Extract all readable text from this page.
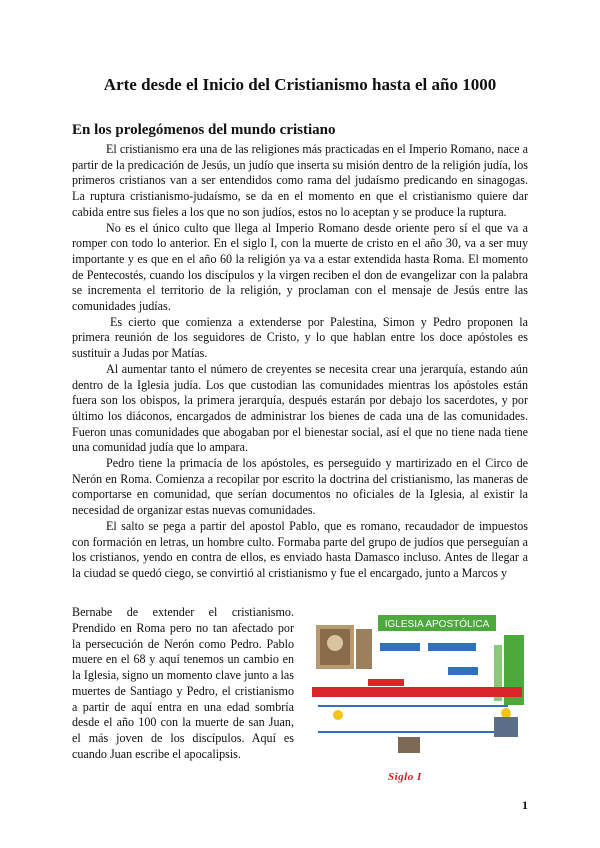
Arte desde el Inicio del Cristianismo hasta el año 1000
En los prolegómenos del mundo cristiano

El cristianismo era una de las religiones más practicadas en el Imperio Romano, nace a partir de la predicación de Jesús, un judío que inserta su misión dentro de la religión judía, los primeros cristianos van a ser entendidos como rama del judaísmo predicando en sinagogas. La ruptura cristianismo-judaísmo, se da en el momento en que el cristianismo quiere dar cabida entre sus fieles a los que no son judíos, estos no lo aceptan y se produce la ruptura.

No es el único culto que llega al Imperio Romano desde oriente pero sí el que va a romper con todo lo anterior. En el siglo I, con la muerte de cristo en el año 30, va a ser muy importante y es que en el año 60 la religión ya va a estar extendida hasta Roma. El momento de Pentecostés, cuando los discípulos y la virgen reciben el don de evangelizar con la palabra se incrementa el territorio de la religión, y proclaman con el mensaje de Jesús entre las comunidades judías.

Es cierto que comienza a extenderse por Palestina, Simon y Pedro proponen la primera reunión de los seguidores de Cristo, y lo que hablan entre los doce apóstoles es sustituir a Judas por Matías.

Al aumentar tanto el número de creyentes se necesita crear una jerarquía, estando aún dentro de la Iglesia judía. Los que custodian las comunidades mientras los apóstoles están fuera son los obispos, la primera jerarquía, después estarán por debajo los sacerdotes, y por último los diáconos, encargados de administrar los bienes de cada una de las comunidades. Fueron unas comunidades que abogaban por el bienestar social, así el que no tiene nada tiene una comunidad judía que lo ampara.

Pedro tiene la primacía de los apóstoles, es perseguido y martirizado en el Circo de Nerón en Roma. Comienza a recopilar por escrito la doctrina del cristianismo, las maneras de comportarse en comunidad, que serían documentos no oficiales de la Iglesia, al existir la necesidad de organizar estas nuevas comunidades.

El salto se pega a partir del apostol Pablo, que es romano, recaudador de impuestos con formación en letras, un hombre culto. Formaba parte del grupo de judíos que perseguían a los cristianos, yendo en contra de ellos, es enviado hasta Damasco incluso. Antes de llegar a la ciudad se quedó ciego, se convirtió al cristianismo y fue el encargado, junto a Marcos y

Bernabe de extender el cristianismo.

Prendido en Roma pero no tan afectado por la persecución de Nerón como Pedro. Pablo muere en el 68 y aquí tenemos un cambio en la Iglesia, signo un momento clave junto a las muertes de Santiago y Pedro, el cristianismo a partir de aquí entra en una edad sombría desde el año 100 con la muerte de san Juan, el más joven de los discípulos. Aquí es cuando Juan escribe el apocalipsis.

IGLESIA APOSTÓLICA
Siglo I
1
